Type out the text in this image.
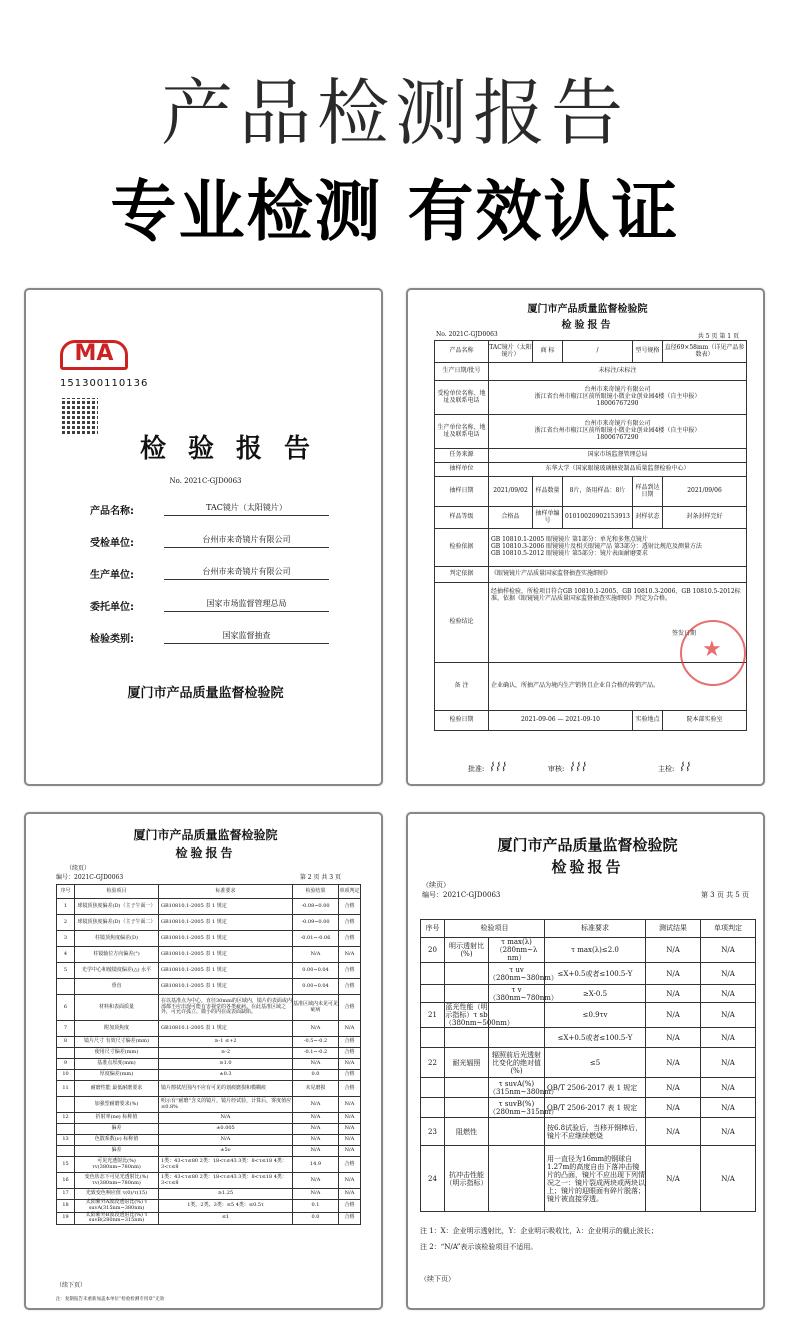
产品检测报告
专业检测 有效认证
MA
151300110136
检验报告
No. 2021C-GJD0063
产品名称:	TAC镜片（太阳镜片）
受检单位:	台州市来奇镜片有限公司
生产单位:	台州市来奇镜片有限公司
委托单位:	国家市场监督管理总局
检验类别:	国家监督抽查
厦门市产品质量监督检验院
厦门市产品质量监督检验院
检验报告
No. 2021C-GJD0063	共 5 页 第 1 页
产品名称	TAC镜片（太阳镜片）	商 标	/	型号规格	直径69×58mm（详见产品参数表）
生产日期/批号	未标注/未标注				
受检单位名称、地址及联系电话	台州市来奇镜片有限公司
浙江省台州市椒江区前所眼镜小微企业创业园4楼（自主申报）
18006767290				
生产单位名称、地址及联系电话	台州市来奇镜片有限公司
浙江省台州市椒江区前所眼镜小微企业创业园4楼（自主申报）
18006767290				
任务来源	国家市场监督管理总局				
抽样单位	东华大学（国家眼镜玻璃搪瓷制品质量监督检验中心）				
抽样日期	2021/09/02	样品数量	8片，备用样品：8片	样品到达日期	2021/09/06
样品等级	合格品	抽样单编号	01010020902153913	封样状态	封条封样完好
检验依据	GB 10810.1-2005 眼镜镜片 第1部分：单光和多焦点镜片
GB 10810.3-2006 眼镜镜片及相关眼镜产品 第3部分：透射比规范及测量方法
GB 10810.5-2012 眼镜镜片 第5部分：镜片表面耐磨要求				
判定依据	《眼镜镜片产品质量国家监督抽查实施细则》				
检验结论	经抽样检验，所检项目符合GB 10810.1-2005、GB 10810.3-2006、GB 10810.5-2012标准，依据《眼镜镜片产品质量国家监督抽查实施细则》判定为合格。
签发日期				

备 注	企业确认，所抽产品为境内生产销售且企业自合格的传销产品。				
检验日期	2021-09-06 — 2021-09-10			实验地点	院本部实验室
★
批准: ⌇⌇⌇	审核: ⌇⌇⌇	主检: ⌇⌇
厦门市产品质量监督检验院
检验报告
（续页）
编号：2021C-GJD0063	第 2 页 共 3 页
序号	检验项目	标准要求	检验结果	单项判定
1	球镜顶焦度偏差(D)（主子午面一）	GB10810.1-2005 表 1 规定	-0.08~0.00	合格
2	球镜顶焦度偏差(D)（主子午面二）	GB10810.1-2005 表 1 规定	-0.09~0.00	合格
3	柱镜顶焦度偏差(D)	GB10810.1-2005 表 1 规定	-0.01~-0.06	合格
4	柱镜轴位方向偏差(°)	GB10810.1-2005 表 1 规定	N/A	N/A
5	光学中心和棱镜度偏差(△) 水平	GB10810.1-2005 表 1 规定	0.00~0.04	合格
	垂直	GB10810.1-2005 表 1 规定	0.00~0.04	合格
6	材料和表面质量	在以基准点为中心，直径30mm的区域内，镜片的表面或内部都不应出现可能有害视觉的各类疵病。在此基准区域之外，可允许孤立、微小的内在或表面缺陷。	基准区域内未见可见疵病	合格
7	附加顶焦度	GB10810.1-2005 表 1 规定	N/A	N/A
8	镜片尺寸 有效尺寸偏差(mm)	≥-1 ≤+2	-0.5~-0.2	合格
	使用尺寸偏差(mm)	≥-2	-0.1~-0.2	合格
9	基准点厚度(mm)	≥1.0	N/A	N/A
10	厚度偏差(mm)	±0.3	0.0	合格
11	耐磨性能 最低耐磨要求	镜片擦拭范围内不应有可见的划痕磨损和模糊痕	未见磨损	合格
	加强型耐磨要求(%)	明示有“耐磨”含义的镜片，镜片经试验，计算后，雾度值应≤0.8%	N/A	N/A
12	折射率(ne) 标称值	N/A	N/A	N/A
	偏差	±0.005	N/A	N/A
13	色散系数(ν) 标称值	N/A	N/A	N/A
	偏差	±5ν	N/A	N/A
15	可见光透射比(%) τv(380nm~780nm)	1类：43<τ≤80 2类：18<τ≤43 3类：8<τ≤18 4类：3<τ≤8	14.9	合格
16	变色状态下可见光透射比(%) τv(380nm~780nm)	1类：43<τ≤80 2类：18<τ≤43 3类：8<τ≤18 4类：3<τ≤8	N/A	N/A
17	光致变色响应值 τ(0)/τ(15)	≥1.25	N/A	N/A
18	太阳紫外A波段透射比(%) τ suvA(315nm~380nm)	1类、2类、3类：≤5 4类：≤0.5τ	0.1	合格
19	太阳紫外B波段透射比(%) τ suvB(280nm~315nm)	≤1	0.0	合格
（续下页）
注：复制报告未重新加盖本单位“检验检测专用章”无效
厦门市产品质量监督检验院
检验报告
（续页）
编号：2021C-GJD0063	第 3 页 共 5 页
序号	检验项目		标准要求	测试结果	单项判定
20	明示透射比(%)	τ max(λ)（280nm~λ nm）	τ max(λ)≤2.0	N/A	N/A
		τ uv（280nm~380nm）	≤X+0.5或者≤100.5-Y	N/A	N/A
		τ v（380nm~780nm）	≥X-0.5	N/A	N/A
21	蓝光性能（明示指标）τ sb（380nm~500nm）		≤0.9τv	N/A	N/A
			≤X+0.5或者≤100.5-Y	N/A	N/A
22	耐光辐照	辐照前后光透射比变化的绝对值(%)	≤5	N/A	N/A
		τ suvA(%)（315nm~380nm）	QB/T 2506-2017 表 1 规定	N/A	N/A
		τ suvB(%)（280nm~315nm）	QB/T 2506-2017 表 1 规定	N/A	N/A
23	阻燃性		按6.8试验后，当移开钢棒后，镜片不应继续燃烧	N/A	N/A
24	抗冲击性能（明示指标）		用一直径为16mm的钢球自1.27m的高度自由下落冲击镜片的凸面，镜片不应出现下列情况之一：镜片裂成两块或两块以上；镜片的迎眼面有碎片脱落；镜片被直接穿透。	N/A	N/A
注 1：X：企业明示透射比，Y：企业明示吸收比，λ：企业明示的截止波长；
注 2：“N/A”表示该检验项目不适用。
（续下页）
